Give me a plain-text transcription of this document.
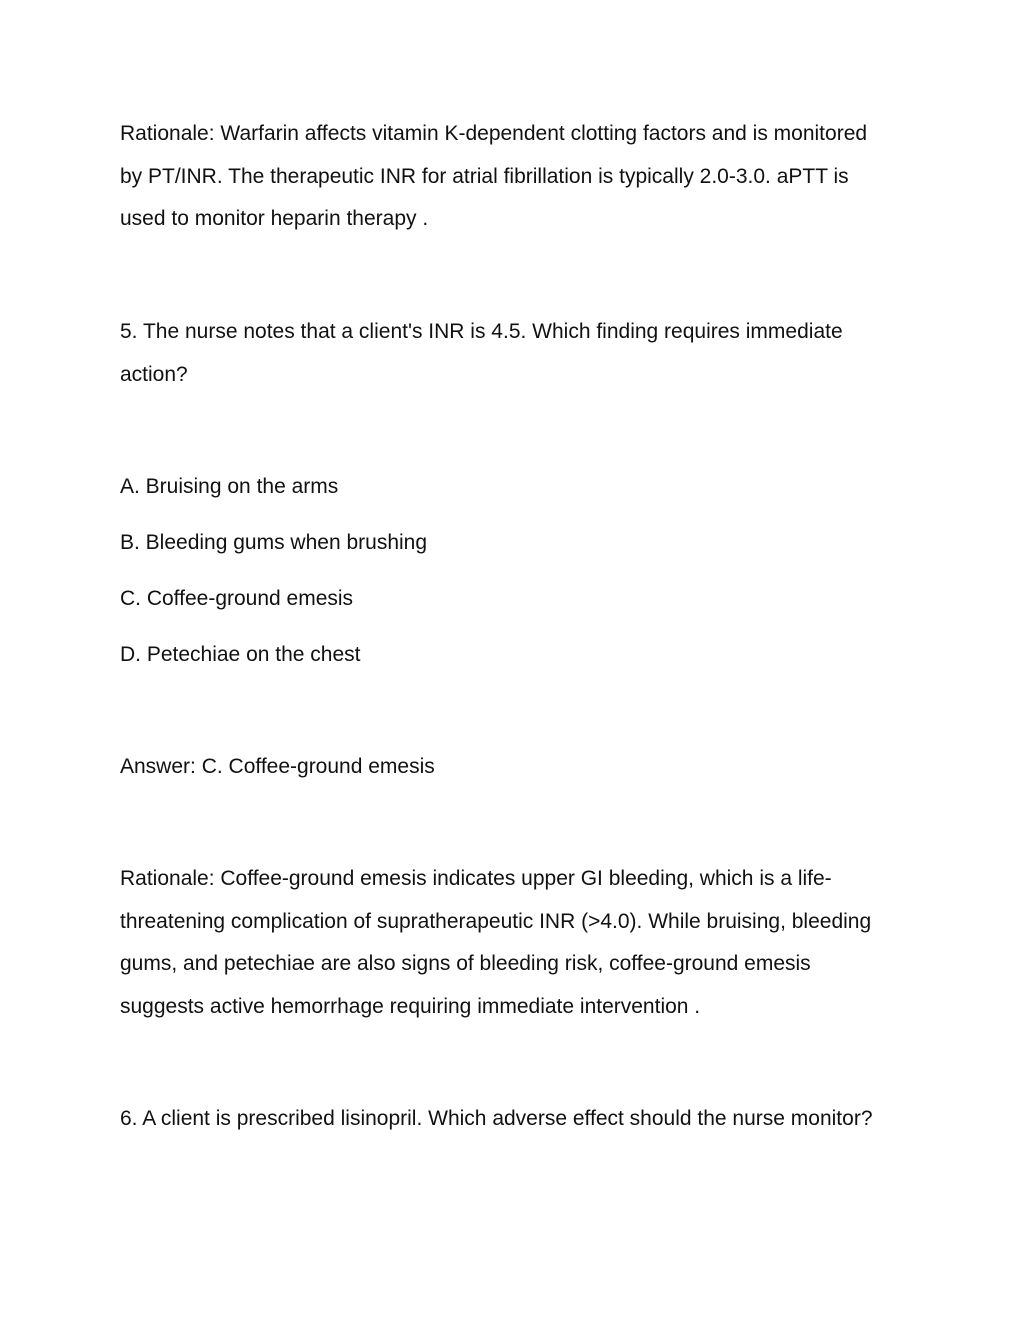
Rationale: Warfarin affects vitamin K-dependent clotting factors and is monitored
by PT/INR. The therapeutic INR for atrial fibrillation is typically 2.0-3.0. aPTT is
used to monitor heparin therapy .

5. The nurse notes that a client's INR is 4.5. Which finding requires immediate
action?

A. Bruising on the arms

B. Bleeding gums when brushing

C. Coffee-ground emesis

D. Petechiae on the chest

Answer: C. Coffee-ground emesis

Rationale: Coffee-ground emesis indicates upper GI bleeding, which is a life-
threatening complication of supratherapeutic INR (>4.0). While bruising, bleeding
gums, and petechiae are also signs of bleeding risk, coffee-ground emesis
suggests active hemorrhage requiring immediate intervention .

6. A client is prescribed lisinopril. Which adverse effect should the nurse monitor?
